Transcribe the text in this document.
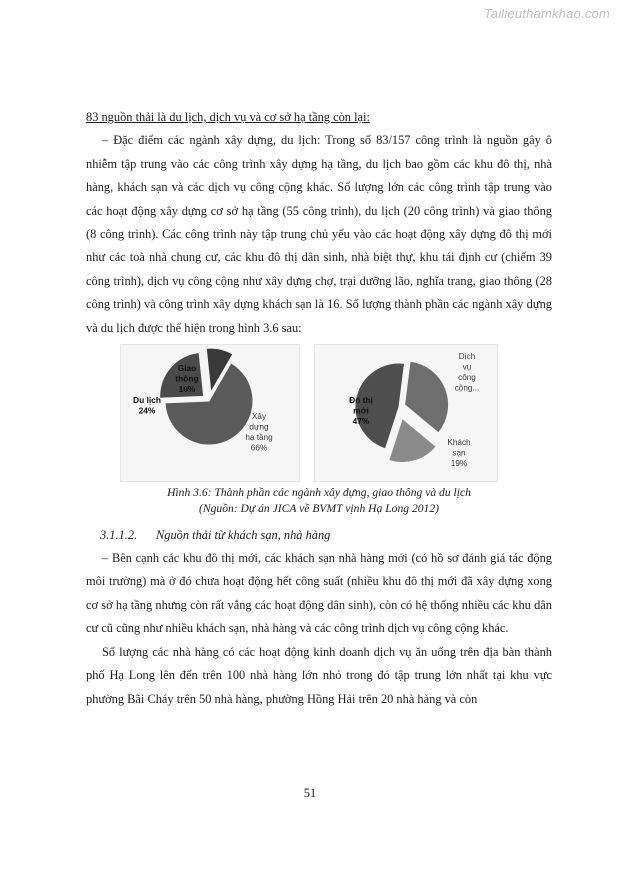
Tailieuthamkhao.com

83 nguồn thải là du lịch, dịch vụ và cơ sở hạ tầng còn lại:

– Đặc điểm các ngành xây dựng, du lịch: Trong số 83/157 công trình là nguồn gây ô nhiễm tập trung vào các công trình xây dựng hạ tầng, du lịch bao gồm các khu đô thị, nhà hàng, khách sạn và các dịch vụ công cộng khác. Số lượng lớn các công trình tập trung vào các hoạt động xây dựng cơ sở hạ tầng (55 công trình), du lịch (20 công trình) và giao thông (8 công trình). Các công trình này tập trung chủ yếu vào các hoạt động xây dựng đô thị mới như các toà nhà chung cư, các khu đô thị dân sinh, nhà biệt thự, khu tái định cư (chiếm 39 công trình), dịch vụ công cộng như xây dựng chợ, trại dưỡng lão, nghĩa trang, giao thông (28 công trình) và công trình xây dựng khách sạn là 16. Số lượng thành phần các ngành xây dựng và du lịch được thể hiện trong hình 3.6 sau:

Xây dựng hạ tầng 66%
Du lịch 24%
Giao thông 10%
Đô thị mới 47%
Dịch vụ công cộng...
Khách sạn 19%

Hình 3.6: Thành phần các ngành xây dựng, giao thông và du lịch

(Nguồn: Dự án JICA về BVMT vịnh Hạ Long 2012)

3.1.1.2. Nguồn thải từ khách sạn, nhà hàng

– Bên cạnh các khu đô thị mới, các khách sạn nhà hàng mới (có hồ sơ đánh giá tác động môi trường) mà ở đó chưa hoạt động hết công suất (nhiều khu đô thị mới đã xây dựng xong cơ sở hạ tầng nhưng còn rất vắng các hoạt động dân sinh), còn có hệ thống nhiều các khu dân cư cũ cũng như nhiều khách sạn, nhà hàng và các công trình dịch vụ công cộng khác.

Số lượng các nhà hàng có các hoạt động kinh doanh dịch vụ ăn uống trên địa bàn thành phố Hạ Long lên đến trên 100 nhà hàng lớn nhỏ trong đó tập trung lớn nhất tại khu vực phường Bãi Cháy trên 50 nhà hàng, phường Hồng Hải trên 20 nhà hàng và còn

51
